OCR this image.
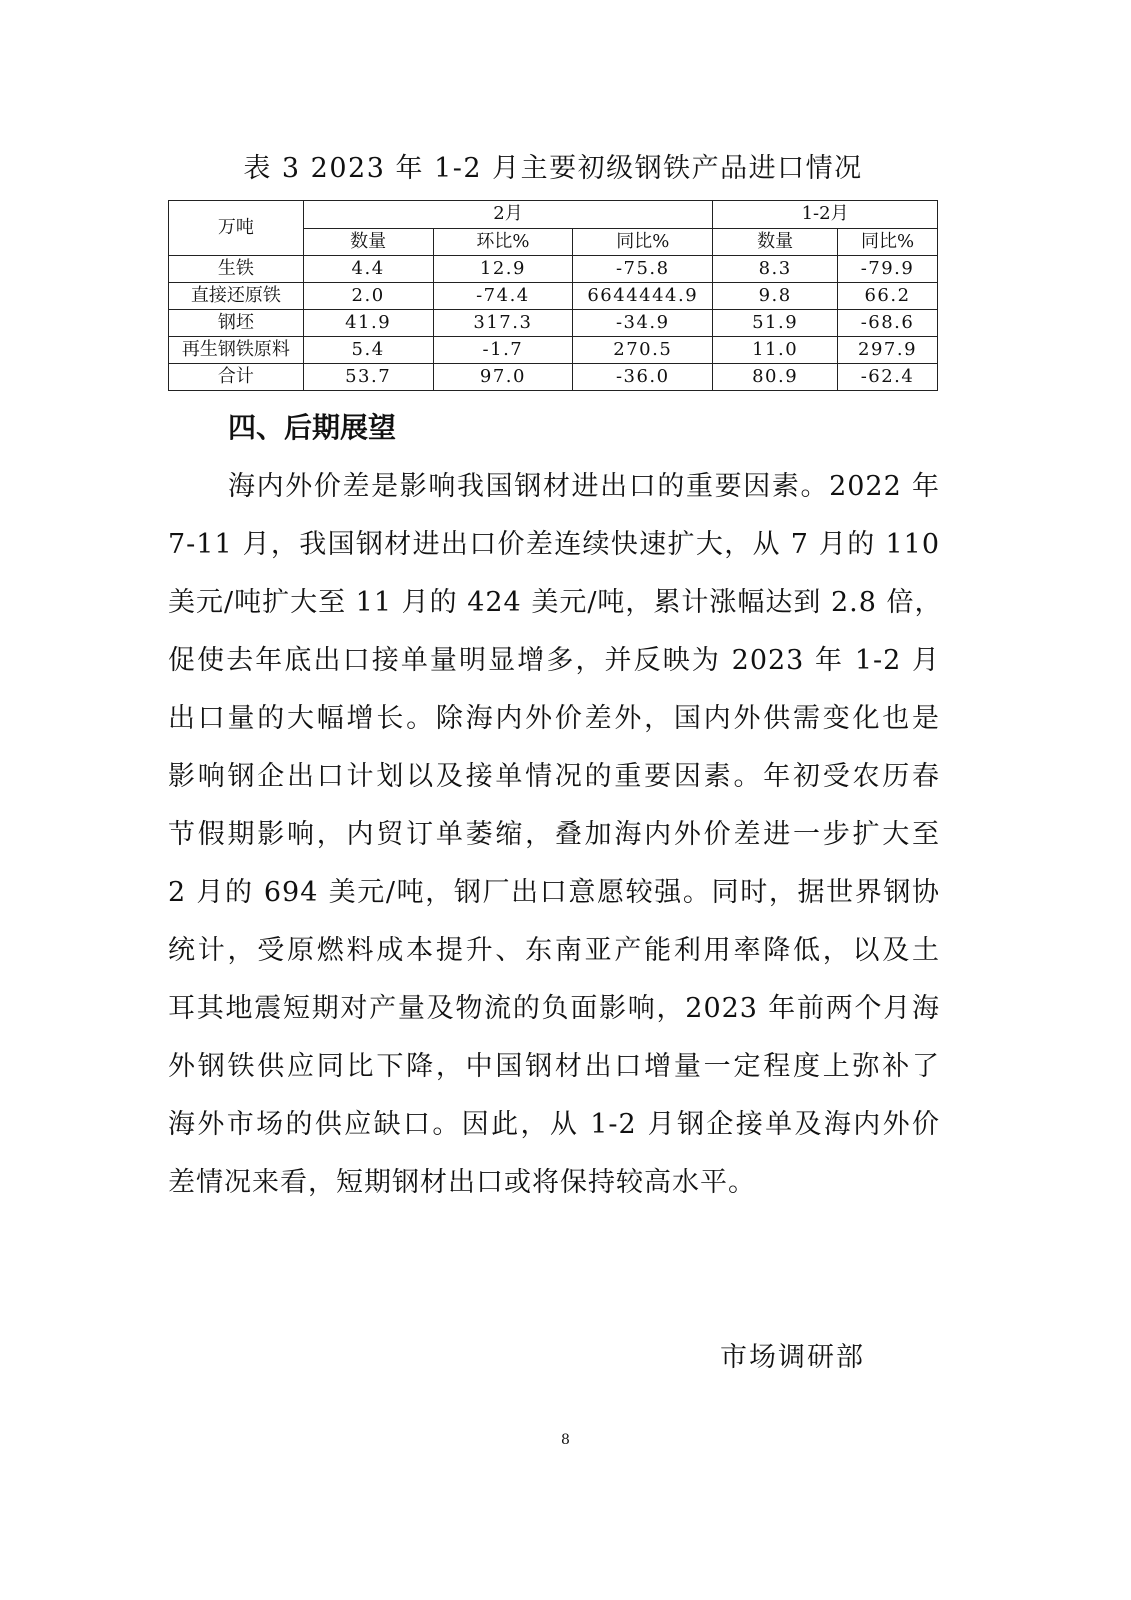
表 3 2023 年 1-2 月主要初级钢铁产品进口情况
万吨	2月			1-2月	
	数量	环比%	同比%	数量	同比%
生铁	4.4	12.9	-75.8	8.3	-79.9
直接还原铁	2.0	-74.4	6644444.9	9.8	66.2
钢坯	41.9	317.3	-34.9	51.9	-68.6
再生钢铁原料	5.4	-1.7	270.5	11.0	297.9
合计	53.7	97.0	-36.0	80.9	-62.4
四、后期展望
海内外价差是影响我国钢材进出口的重要因素。2022 年
7-11 月，我国钢材进出口价差连续快速扩大，从 7 月的 110
美元/吨扩大至 11 月的 424 美元/吨，累计涨幅达到 2.8 倍，
促使去年底出口接单量明显增多，并反映为 2023 年 1-2 月
出口量的大幅增长。除海内外价差外，国内外供需变化也是
影响钢企出口计划以及接单情况的重要因素。年初受农历春
节假期影响，内贸订单萎缩，叠加海内外价差进一步扩大至
2 月的 694 美元/吨，钢厂出口意愿较强。同时，据世界钢协
统计，受原燃料成本提升、东南亚产能利用率降低，以及土
耳其地震短期对产量及物流的负面影响，2023 年前两个月海
外钢铁供应同比下降，中国钢材出口增量一定程度上弥补了
海外市场的供应缺口。因此，从 1-2 月钢企接单及海内外价
差情况来看，短期钢材出口或将保持较高水平。
市场调研部
8
